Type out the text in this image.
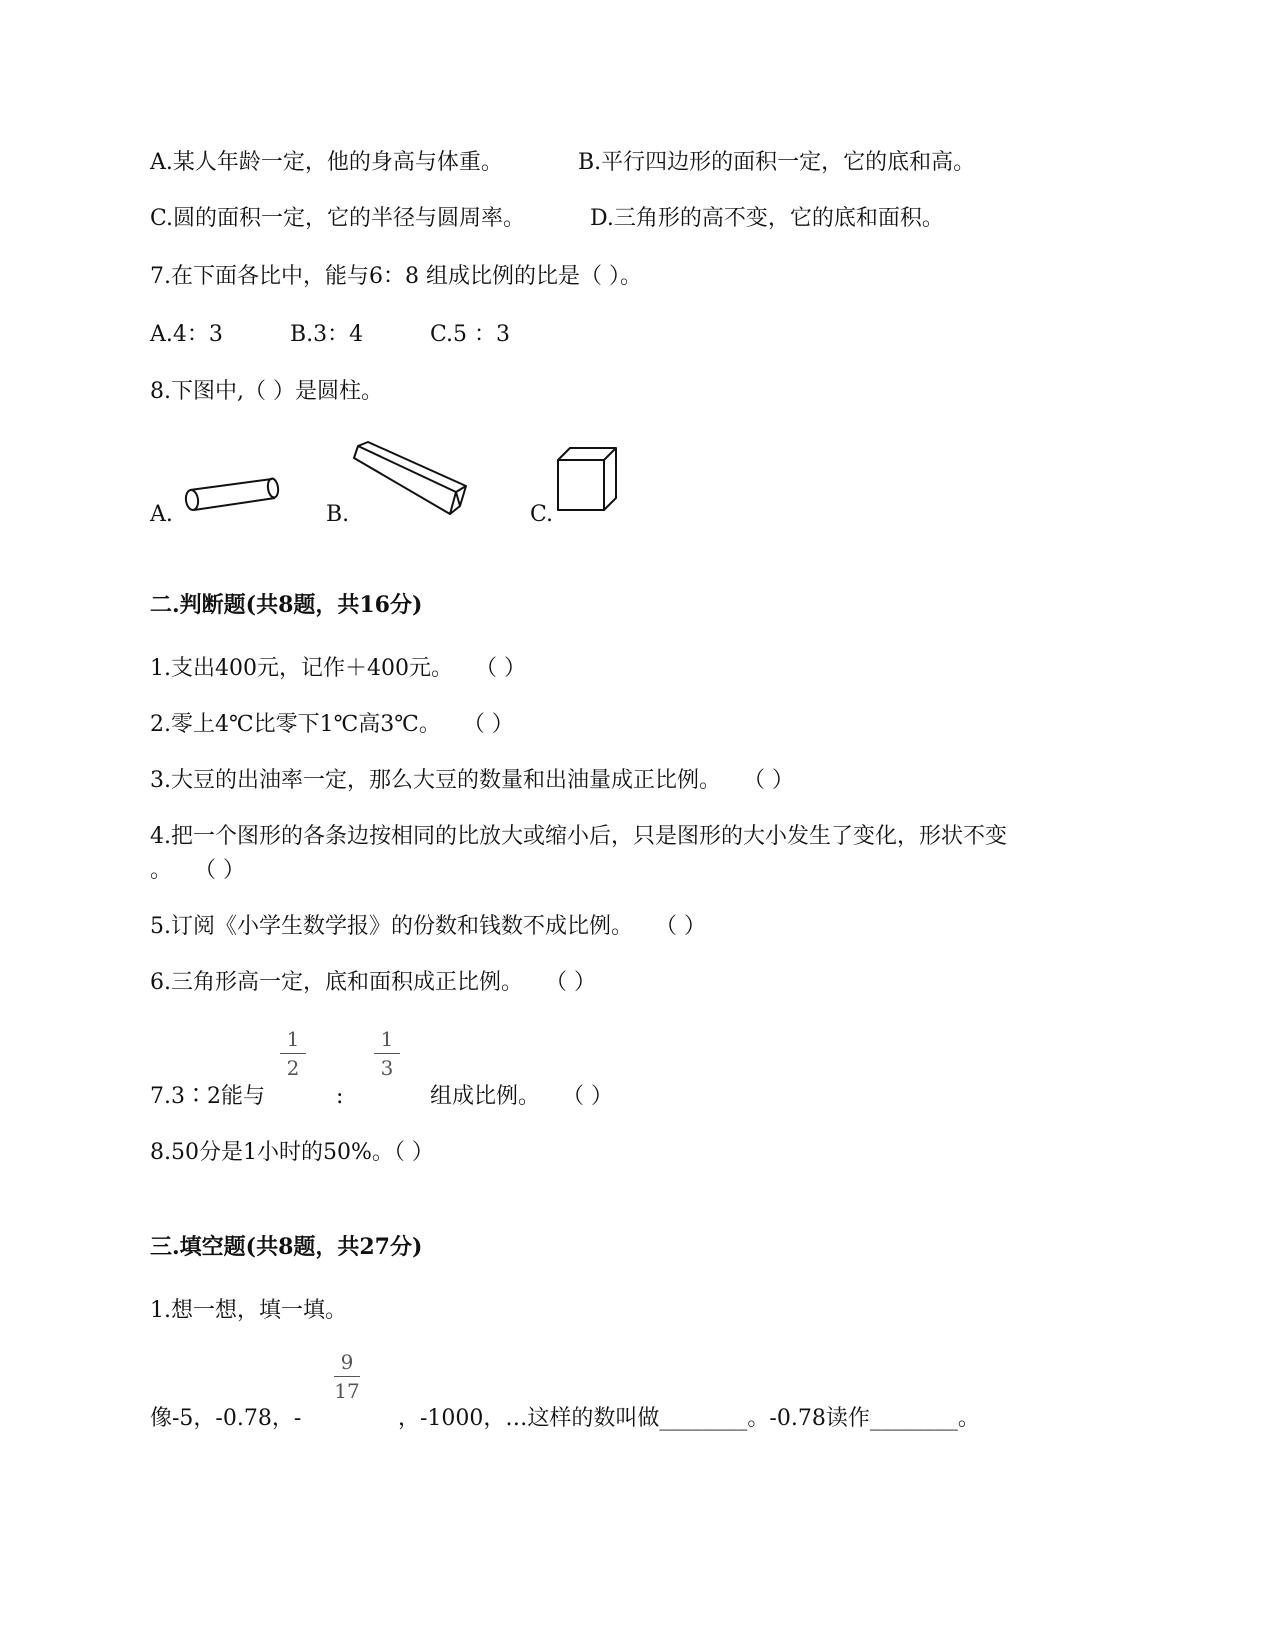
A.某人年龄一定，他的身高与体重。	B.平行四边形的面积一定，它的底和高。
C.圆的面积一定，它的半径与圆周率。	D.三角形的高不变，它的底和面积。
7.在下面各比中，能与6：8 组成比例的比是（ ）。
A.4：3	B.3：4	C.5 ：3
8.下图中,（ ）是圆柱。
A.	B.	C.
二.判断题(共8题，共16分)
1.支出400元，记作＋400元。　　（ ）
2.零上4℃比零下1℃高3℃。　　（ ）
3.大豆的出油率一定，那么大豆的数量和出油量成正比例。　　（ ）
4.把一个图形的各条边按相同的比放大或缩小后，只是图形的大小发生了变化，形状不变
。　　（ ）
5.订阅《小学生数学报》的份数和钱数不成比例。　　（ ）
6.三角形高一定，底和面积成正比例。　　（ ）
7.3∶2能与
1
2
:
1
3
组成比例。　　（ ）
8.50分是1小时的50%。（ ）
三.填空题(共8题，共27分)
1.想一想，填一填。
像-5，-0.78，-
9
17
，-1000，…这样的数叫做________。-0.78读作________。
